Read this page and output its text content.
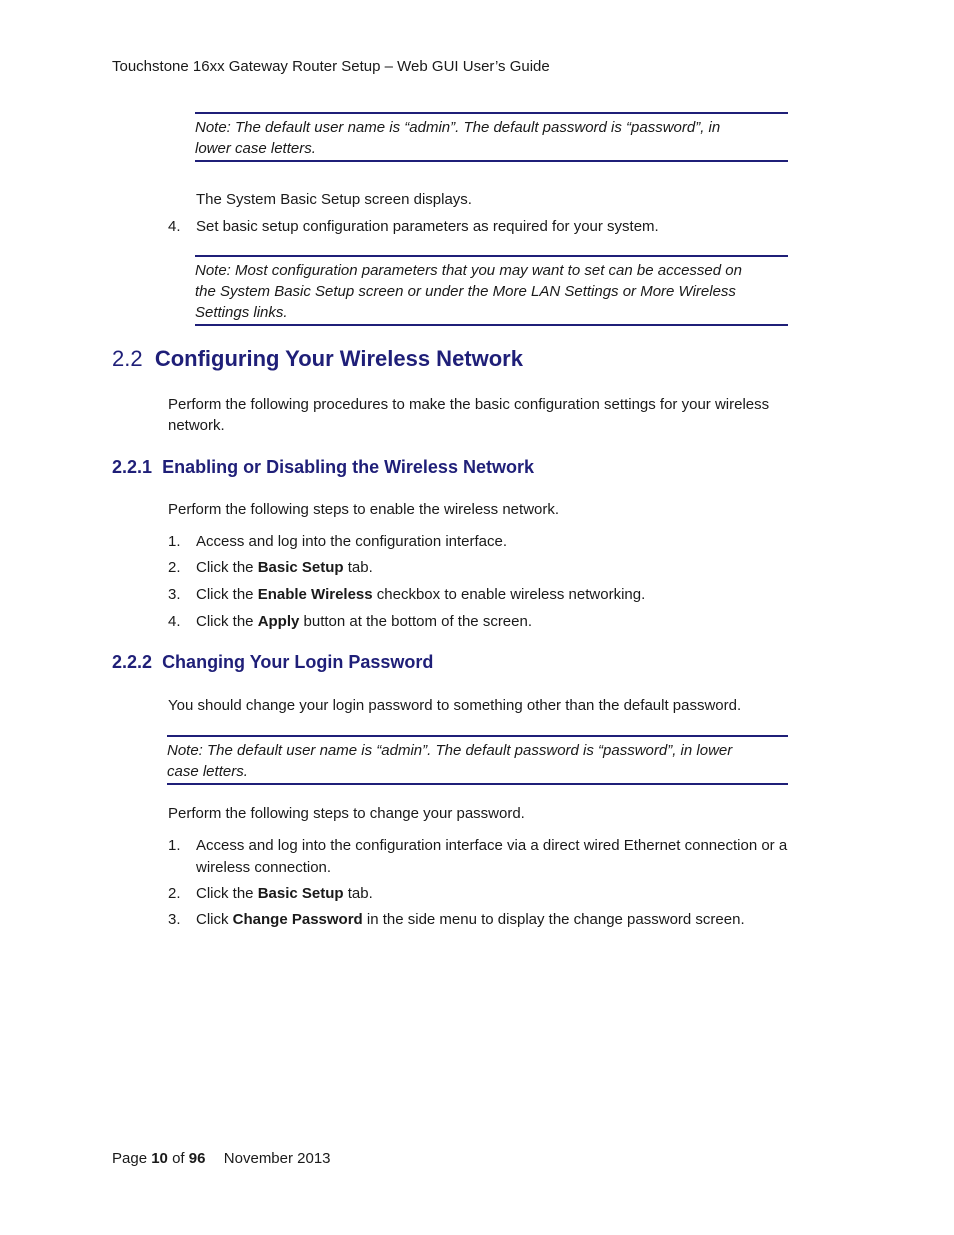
Touchstone 16xx Gateway Router Setup – Web GUI User’s Guide
Note: The default user name is “admin”. The default password is “password”, in
lower case letters.
The System Basic Setup screen displays.
4. Set basic setup configuration parameters as required for your system.
Note: Most configuration parameters that you may want to set can be accessed on
the System Basic Setup screen or under the More LAN Settings or More Wireless
Settings links.
2.2 Configuring Your Wireless Network
Perform the following procedures to make the basic configuration settings for your wireless
network.
2.2.1 Enabling or Disabling the Wireless Network
Perform the following steps to enable the wireless network.
1. Access and log into the configuration interface.
2. Click the Basic Setup tab.
3. Click the Enable Wireless checkbox to enable wireless networking.
4. Click the Apply button at the bottom of the screen.
2.2.2 Changing Your Login Password
You should change your login password to something other than the default password.
Note: The default user name is “admin”. The default password is “password”, in lower
case letters.
Perform the following steps to change your password.
1. Access and log into the configuration interface via a direct wired Ethernet connection or a
wireless connection.
2. Click the Basic Setup tab.
3. Click Change Password in the side menu to display the change password screen.
Page 10 of 96 November 2013
